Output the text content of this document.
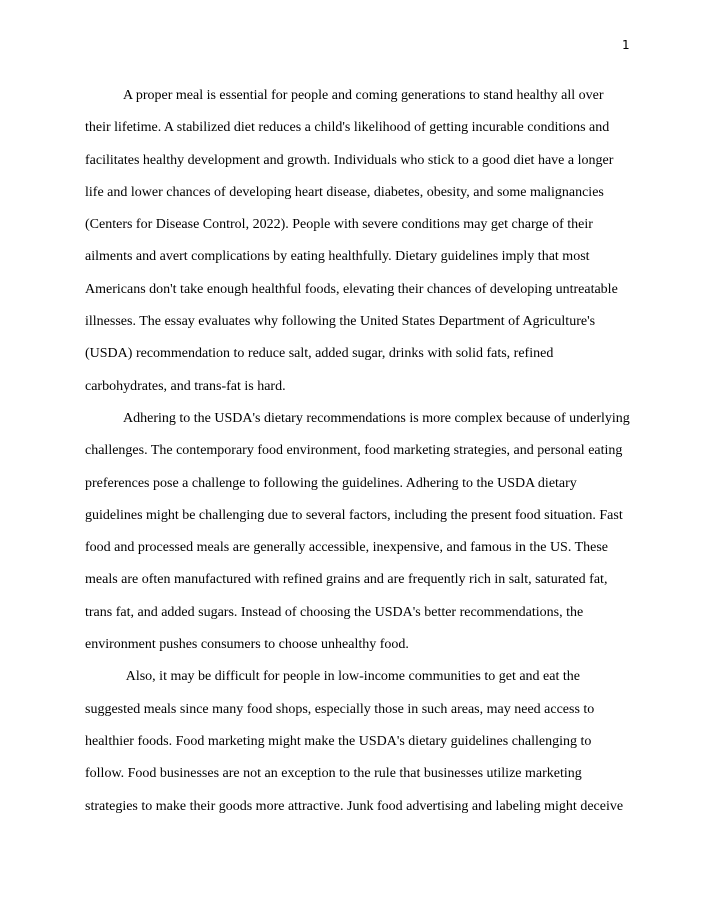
1

A proper meal is essential for people and coming generations to stand healthy all over
their lifetime. A stabilized diet reduces a child's likelihood of getting incurable conditions and
facilitates healthy development and growth. Individuals who stick to a good diet have a longer
life and lower chances of developing heart disease, diabetes, obesity, and some malignancies
(Centers for Disease Control, 2022). People with severe conditions may get charge of their
ailments and avert complications by eating healthfully. Dietary guidelines imply that most
Americans don't take enough healthful foods, elevating their chances of developing untreatable
illnesses. The essay evaluates why following the United States Department of Agriculture's
(USDA) recommendation to reduce salt, added sugar, drinks with solid fats, refined
carbohydrates, and trans-fat is hard.

Adhering to the USDA's dietary recommendations is more complex because of underlying
challenges. The contemporary food environment, food marketing strategies, and personal eating
preferences pose a challenge to following the guidelines. Adhering to the USDA dietary
guidelines might be challenging due to several factors, including the present food situation. Fast
food and processed meals are generally accessible, inexpensive, and famous in the US. These
meals are often manufactured with refined grains and are frequently rich in salt, saturated fat,
trans fat, and added sugars. Instead of choosing the USDA's better recommendations, the
environment pushes consumers to choose unhealthy food.

Also, it may be difficult for people in low-income communities to get and eat the
suggested meals since many food shops, especially those in such areas, may need access to
healthier foods. Food marketing might make the USDA's dietary guidelines challenging to
follow. Food businesses are not an exception to the rule that businesses utilize marketing
strategies to make their goods more attractive. Junk food advertising and labeling might deceive
